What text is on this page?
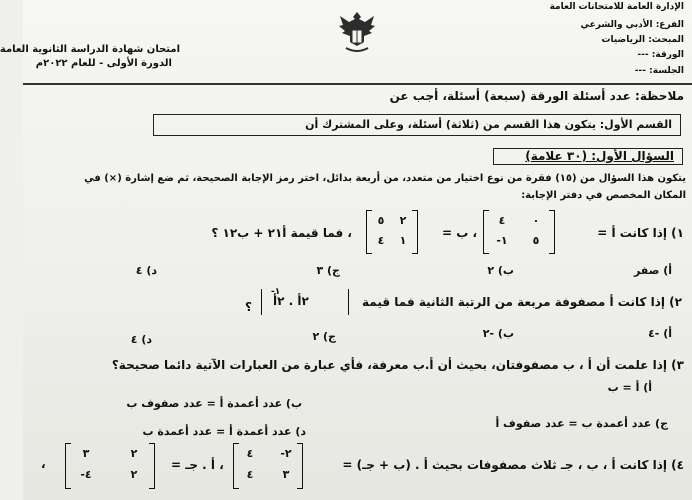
الإدارة العامة للامتحانات العامة
امتحان شهادة الدراسة الثانوية العامة
الدورة الأولى - للعام ٢٠٢٢م
الفرع: الأدبي والشرعي
المبحث: الرياضيات
الورقة: ---
الجلسة: ---
ملاحظة: عدد أسئلة الورقة (سبعة) أسئلة، أجب عن
القسم الأول: يتكون هذا القسم من (ثلاثة) أسئلة، وعلى المشترك أن
السؤال الأول: (٣٠ علامة)
يتكون هذا السؤال من (١٥) فقرة من نوع اختيار من متعدد، من أربعة بدائل، اختر رمز الإجابة الصحيحة، ثم ضع إشارة (×) في
المكان المخصص في دفتر الإجابة:
١) إذا كانت أ =
٠
٤
٥
١-
، ب =
٢
٥
١
٤
، فما قيمة أ٢١ + ب١٢ ؟
أ) صفر
ب) ٢
ج) ٣
د) ٤
٢) إذا كانت أ مصفوفة مربعة من الرتبة الثانية فما قيمة
٢أ . ٢أ
١-
؟
أ) -٤
ب) -٢
ج) ٢
د) ٤
٣) إذا علمت أن أ ، ب مصفوفتان، بحيث أن أ.ب معرفة، فأي عبارة من العبارات الآتية دائما صحيحة؟
أ) أ = ب
ب) عدد أعمدة أ = عدد صفوف ب
ج) عدد أعمدة ب = عدد صفوف أ
د) عدد أعمدة أ = عدد أعمدة ب
٤) إذا كانت أ ، ب ، جـ ثلاث مصفوفات بحيث أ . (ب + جـ) =
٢-
٤
٣
٤
، أ . جـ =
٢
٣
٢
٤-
،
